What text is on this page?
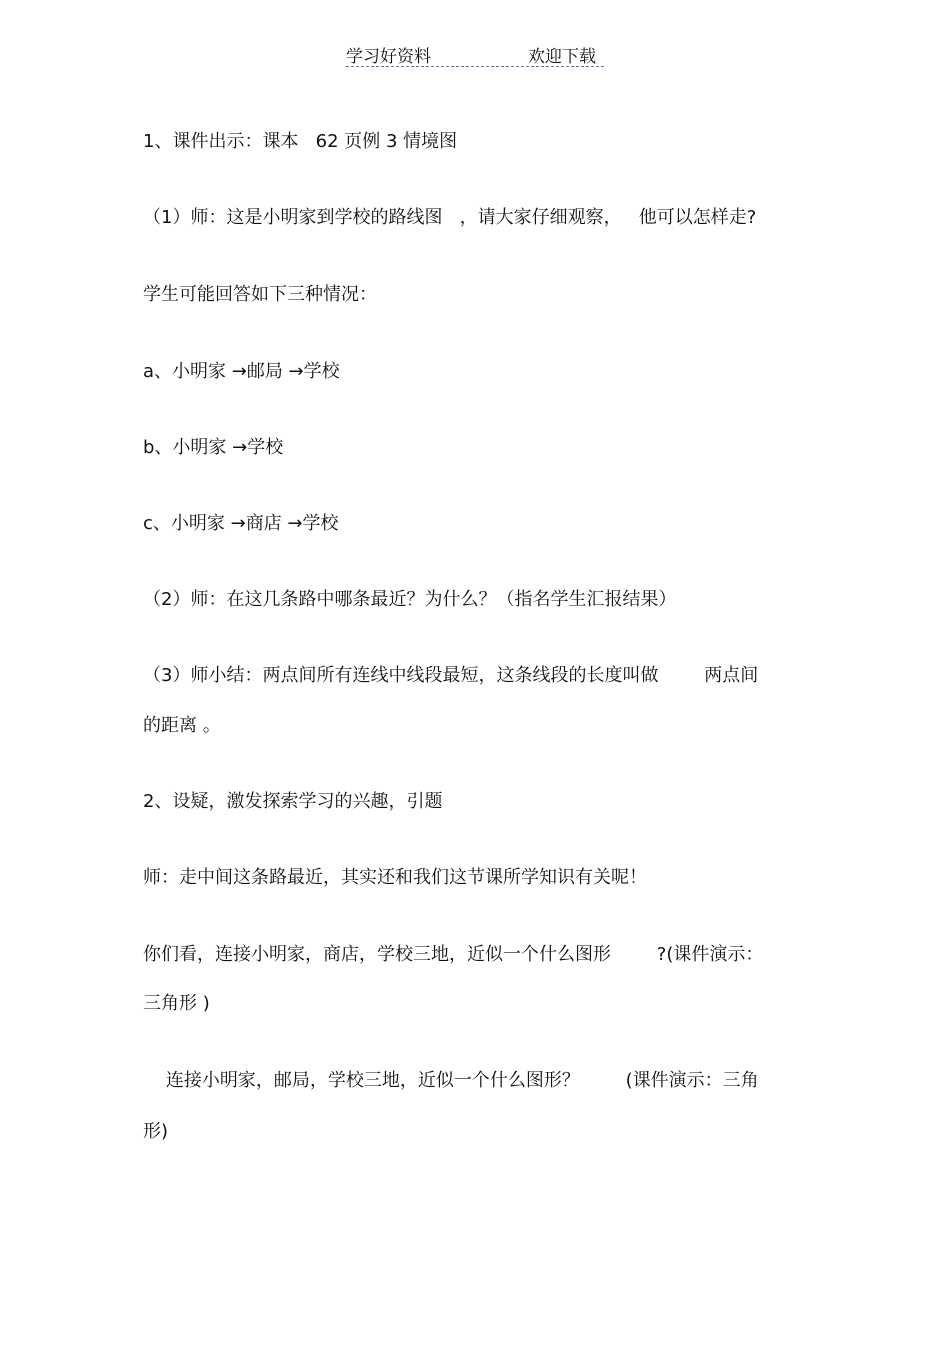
学习好资料	欢迎下载
1、课件出示：课本   62 页例 3 情境图
（1）师：这是小明家到学校的路线图   ，请大家仔细观察，   他可以怎样走?
学生可能回答如下三种情况：
a、小明家 →邮局 →学校
b、小明家 →学校
c、小明家 →商店 →学校
（2）师：在这几条路中哪条最近？为什么？（指名学生汇报结果）
（3）师小结：两点间所有连线中线段最短，这条线段的长度叫做        两点间
的距离 。
2、设疑，激发探索学习的兴趣，引题
师：走中间这条路最近，其实还和我们这节课所学知识有关呢！
你们看，连接小明家，商店，学校三地，近似一个什么图形        ?(课件演示：
三角形 )
连接小明家，邮局，学校三地，近似一个什么图形？        (课件演示：三角
形)
